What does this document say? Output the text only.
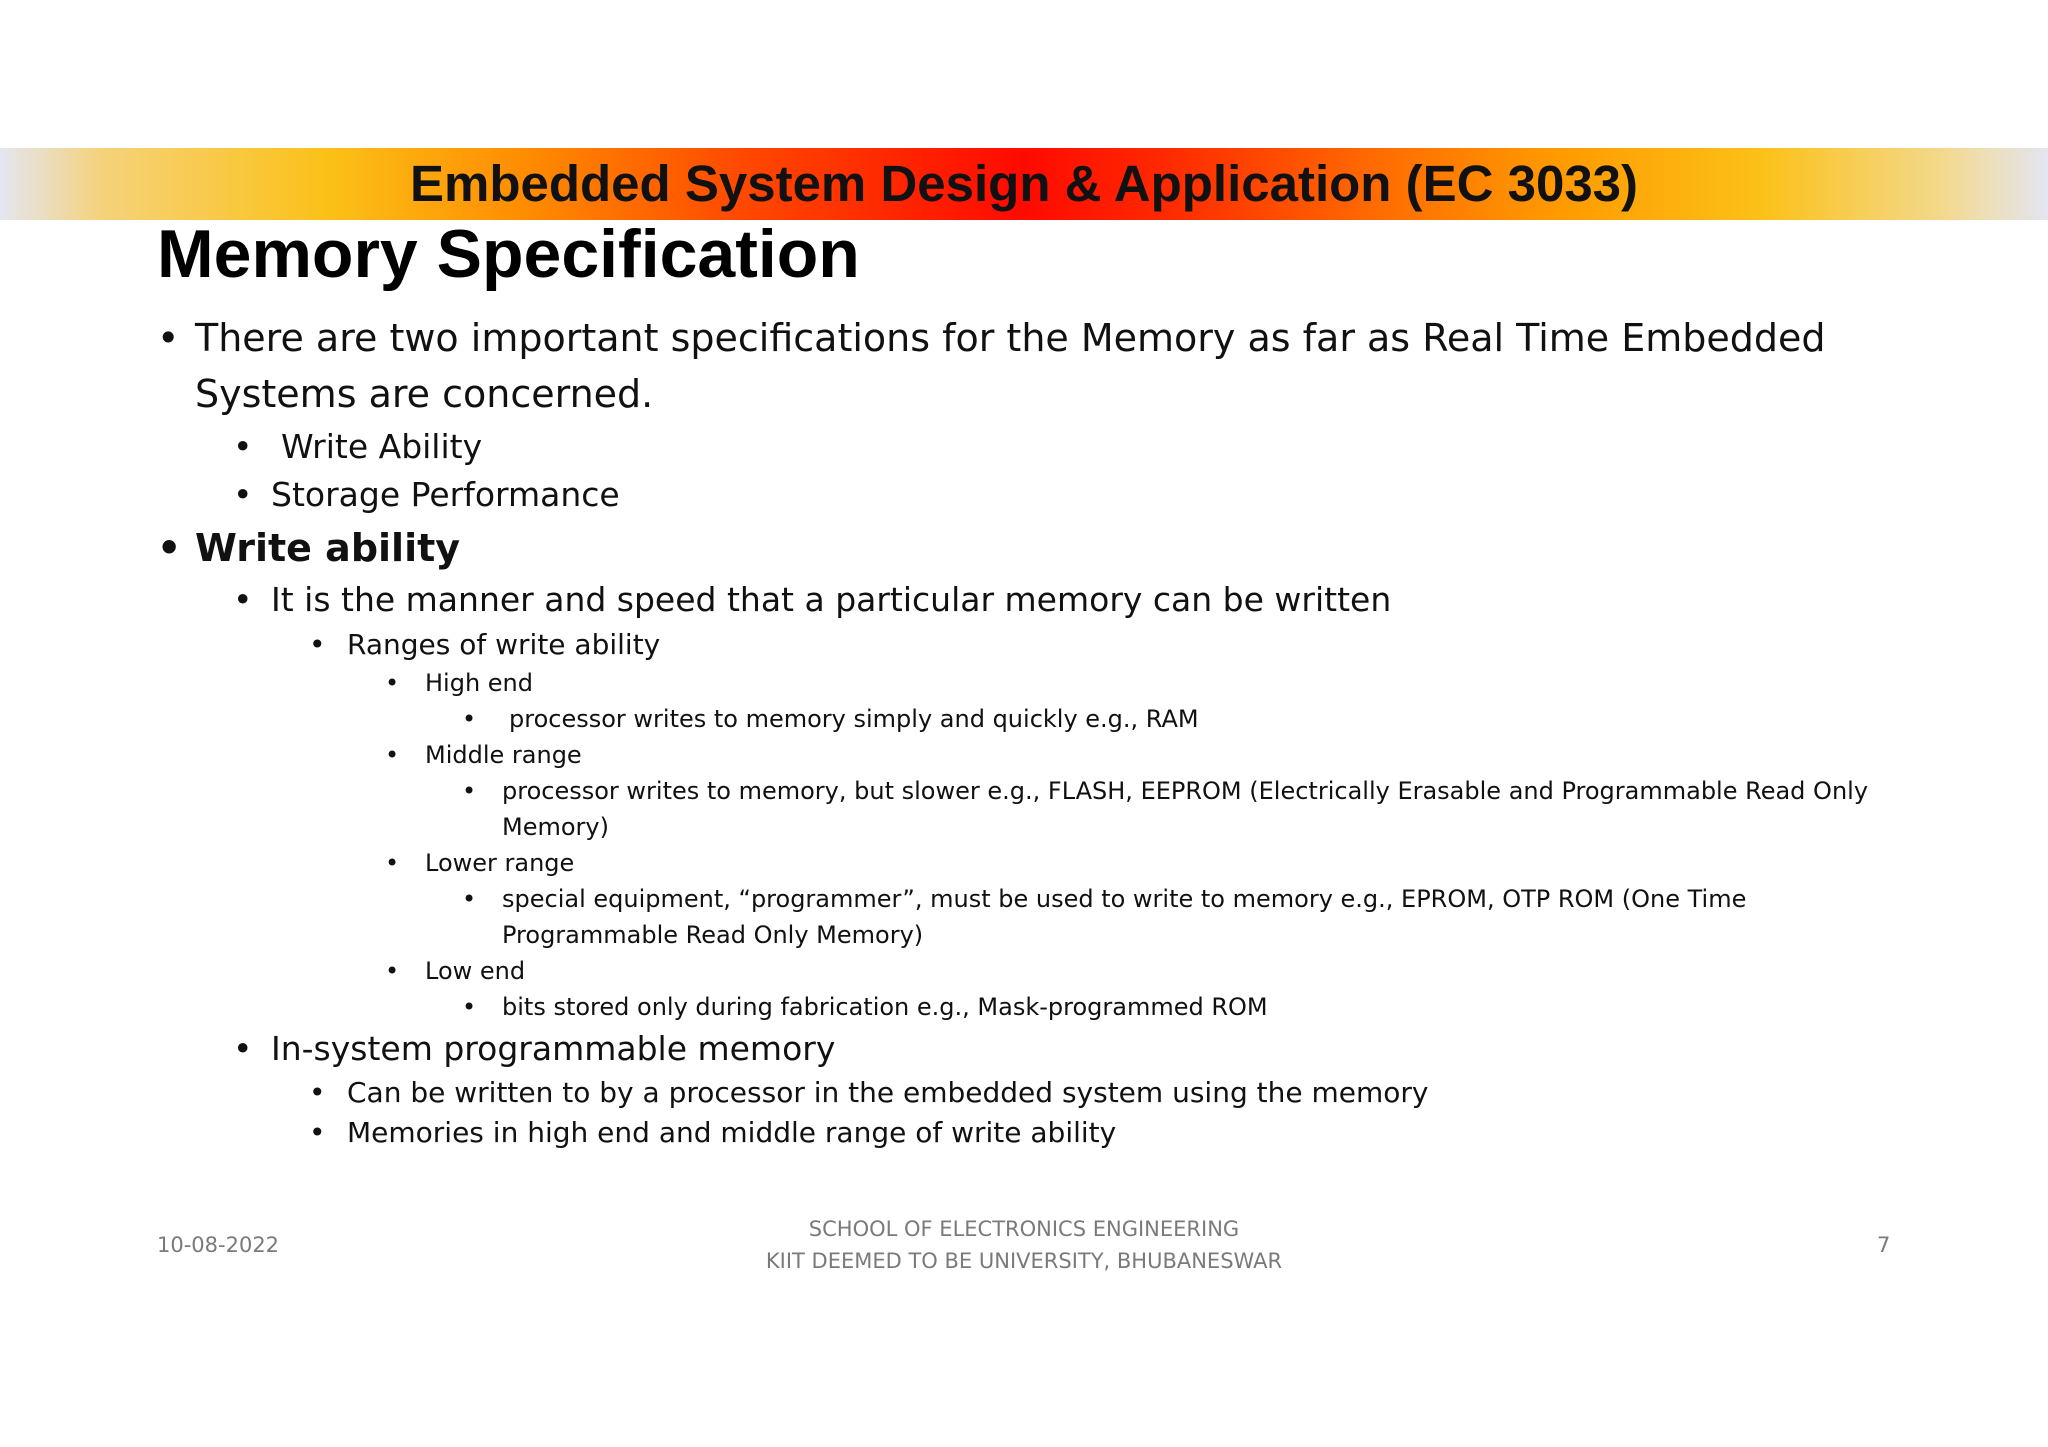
Embedded System Design & Application (EC 3033)
Memory Specification
• There are two important specifications for the Memory as far as Real Time Embedded
Systems are concerned.
• Write Ability
• Storage Performance
• Write ability
• It is the manner and speed that a particular memory can be written
• Ranges of write ability
• High end
• processor writes to memory simply and quickly e.g., RAM
• Middle range
• processor writes to memory, but slower e.g., FLASH, EEPROM (Electrically Erasable and Programmable Read Only
Memory)
• Lower range
• special equipment, “programmer”, must be used to write to memory e.g., EPROM, OTP ROM (One Time
Programmable Read Only Memory)
• Low end
• bits stored only during fabrication e.g., Mask-programmed ROM
• In-system programmable memory
• Can be written to by a processor in the embedded system using the memory
• Memories in high end and middle range of write ability
10-08-2022
SCHOOL OF ELECTRONICS ENGINEERING
KIIT DEEMED TO BE UNIVERSITY, BHUBANESWAR
7
